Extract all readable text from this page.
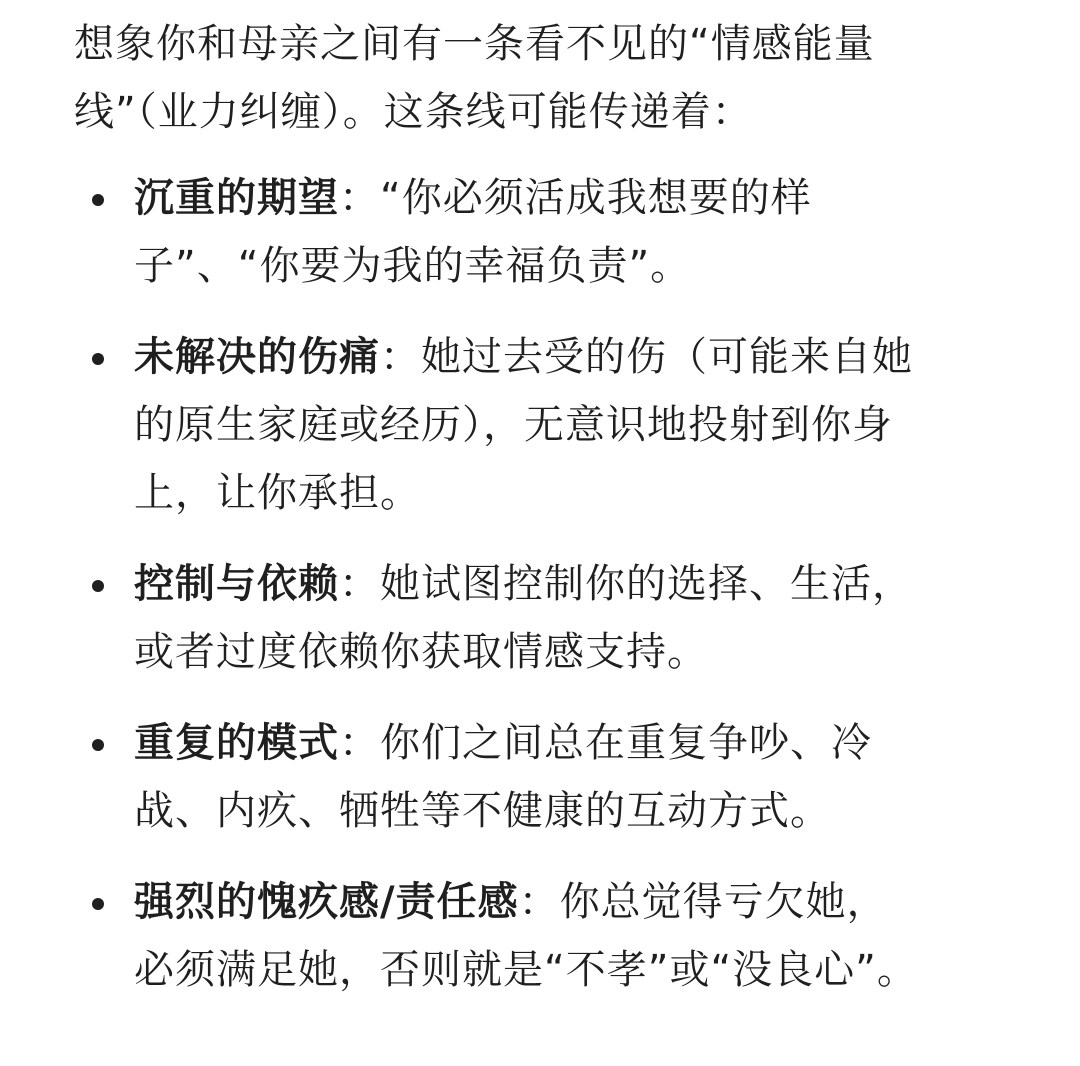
想象你和母亲之间有一条看不见的“情感能量
线”（业力纠缠）。这条线可能传递着：

沉重的期望：“你必须活成我想要的样
子”、“你要为我的幸福负责”。
未解决的伤痛：她过去受的伤（可能来自她
的原生家庭或经历），无意识地投射到你身
上，让你承担。
控制与依赖：她试图控制你的选择、生活，
或者过度依赖你获取情感支持。
重复的模式：你们之间总在重复争吵、冷
战、内疚、牺牲等不健康的互动方式。
强烈的愧疚感/责任感：你总觉得亏欠她，
必须满足她，否则就是“不孝”或“没良心”。
